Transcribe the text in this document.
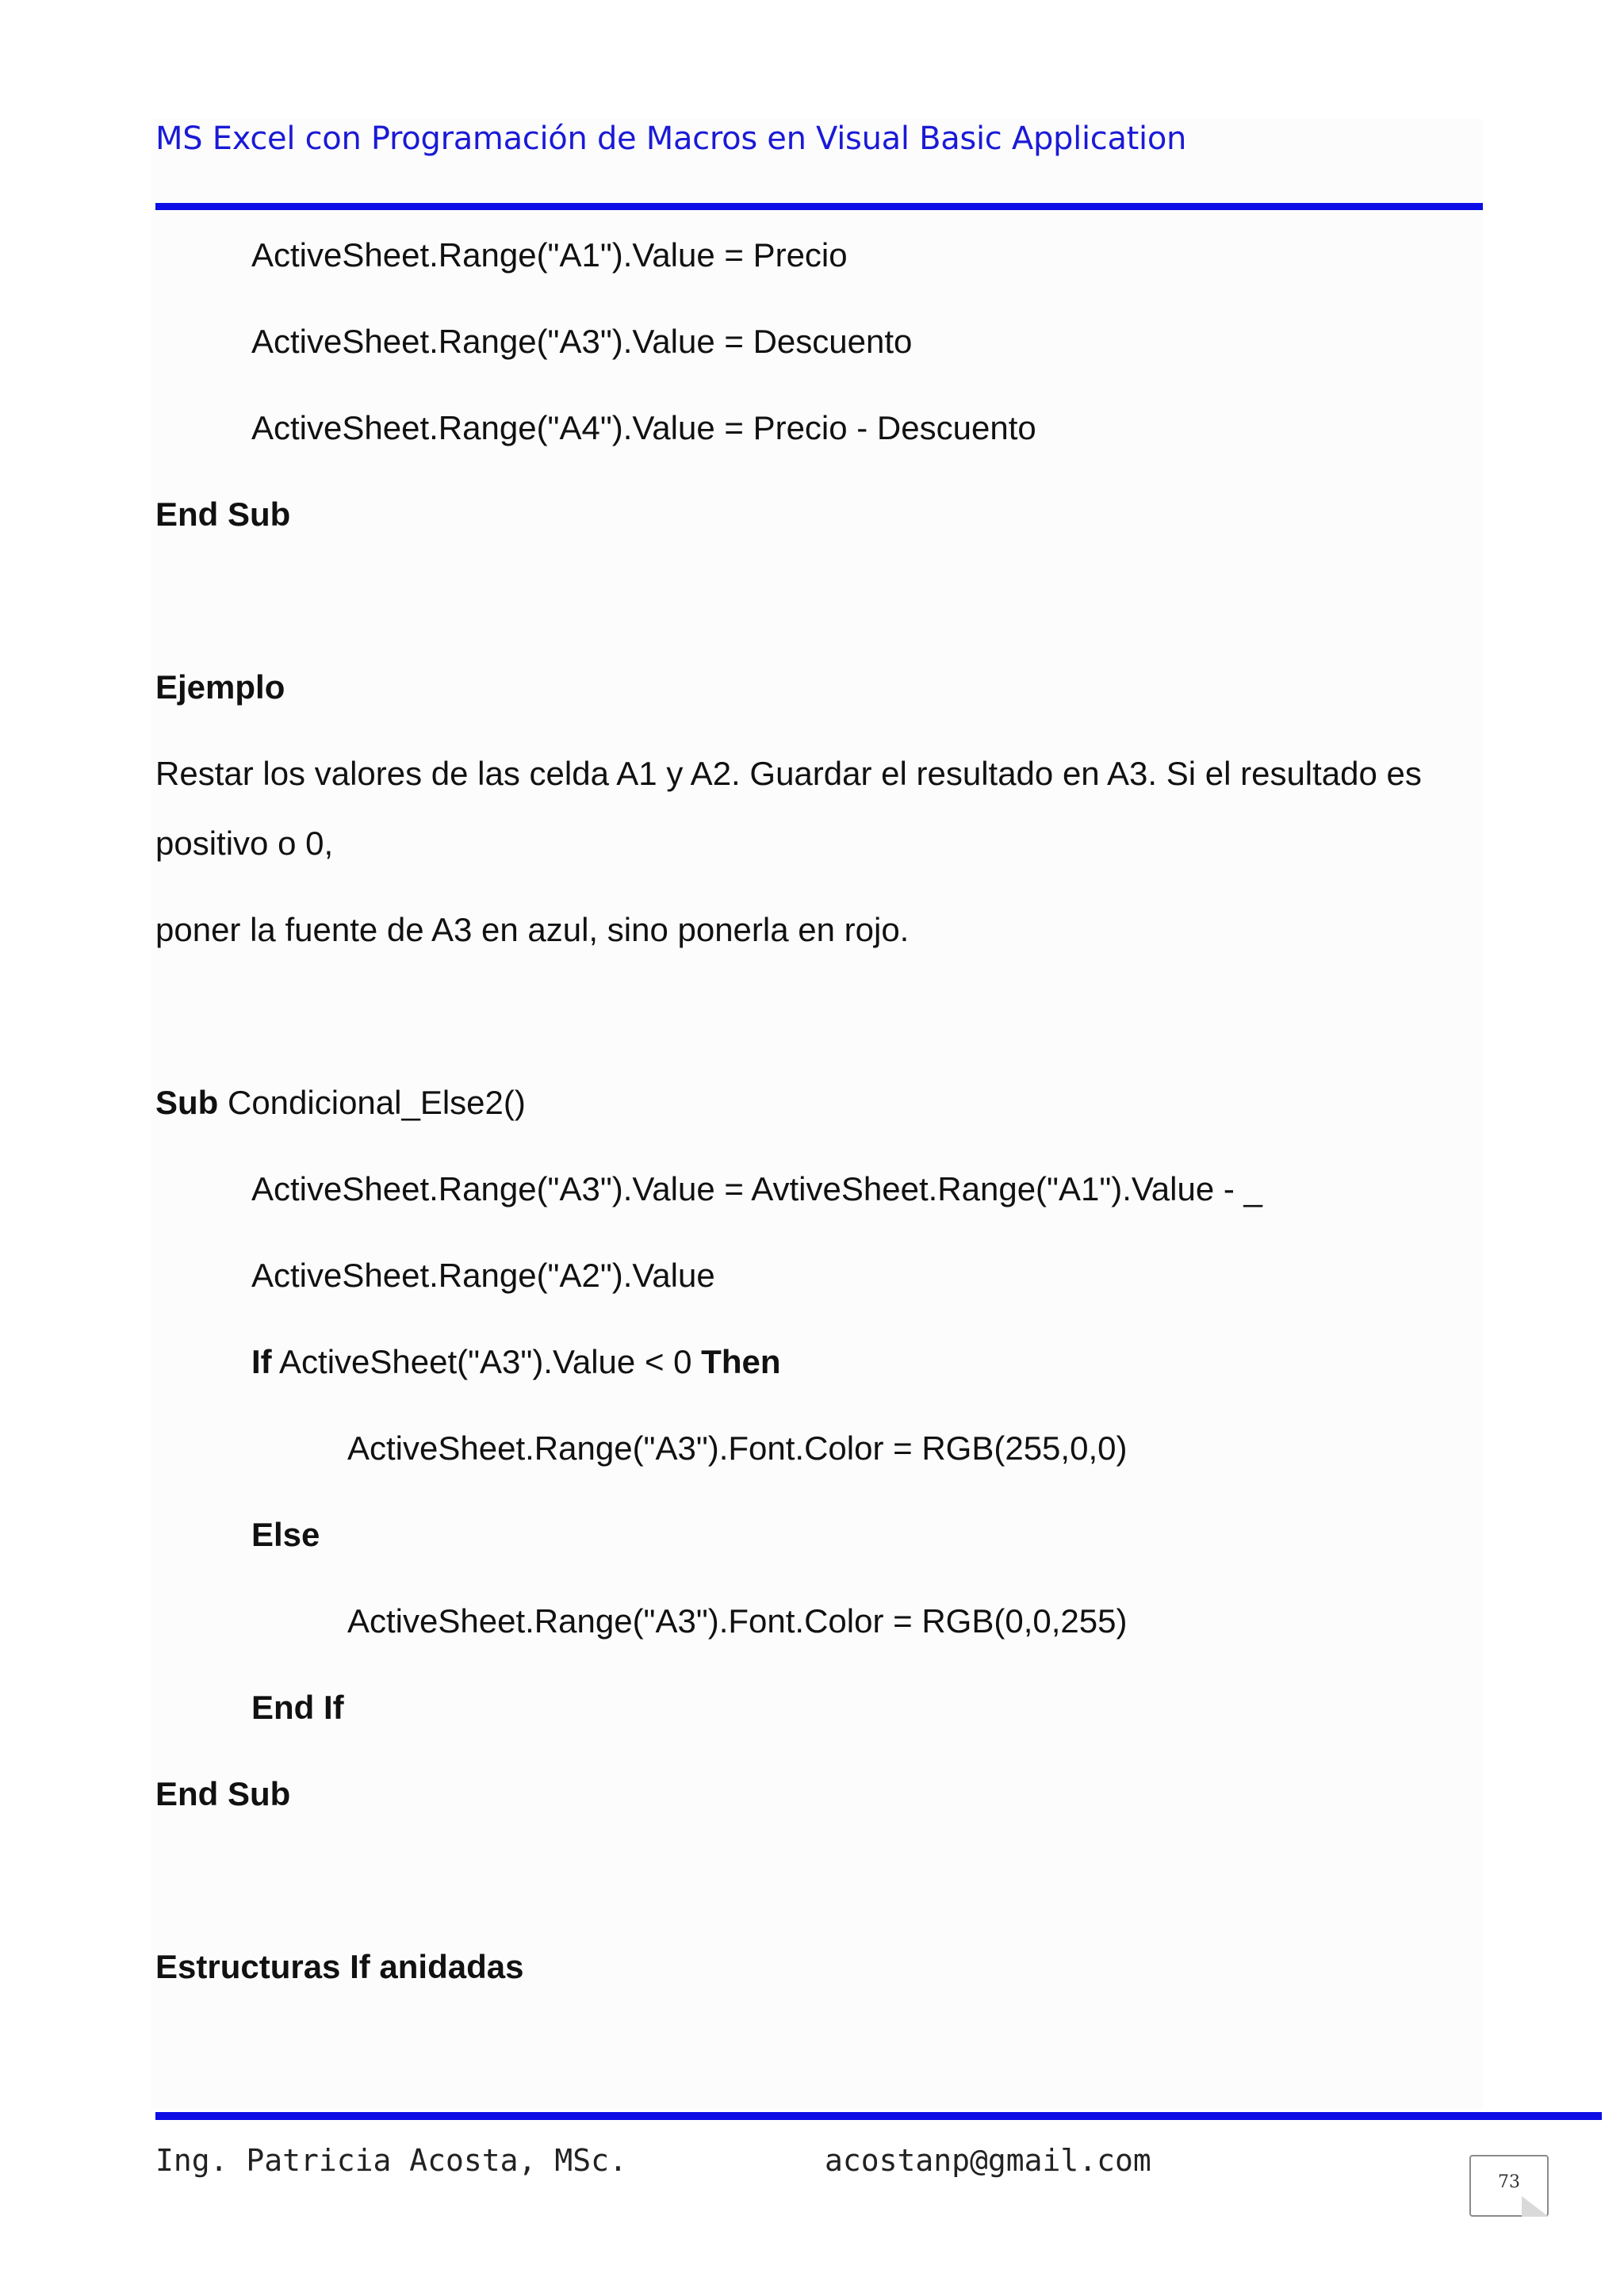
MS Excel con Programación de Macros en Visual Basic Application
ActiveSheet.Range("A1").Value = Precio
ActiveSheet.Range("A3").Value = Descuento
ActiveSheet.Range("A4").Value = Precio - Descuento
End Sub
Ejemplo
Restar los valores de las celda A1 y A2. Guardar el resultado en A3. Si el resultado es
positivo o 0,
poner la fuente de A3 en azul, sino ponerla en rojo.
Sub Condicional_Else2()
ActiveSheet.Range("A3").Value = AvtiveSheet.Range("A1").Value - _
ActiveSheet.Range("A2").Value
If ActiveSheet("A3").Value < 0 Then
ActiveSheet.Range("A3").Font.Color = RGB(255,0,0)
Else
ActiveSheet.Range("A3").Font.Color = RGB(0,0,255)
End If
End Sub
Estructuras If anidadas
Ing. Patricia Acosta, MSc.	acostanp@gmail.com
73
